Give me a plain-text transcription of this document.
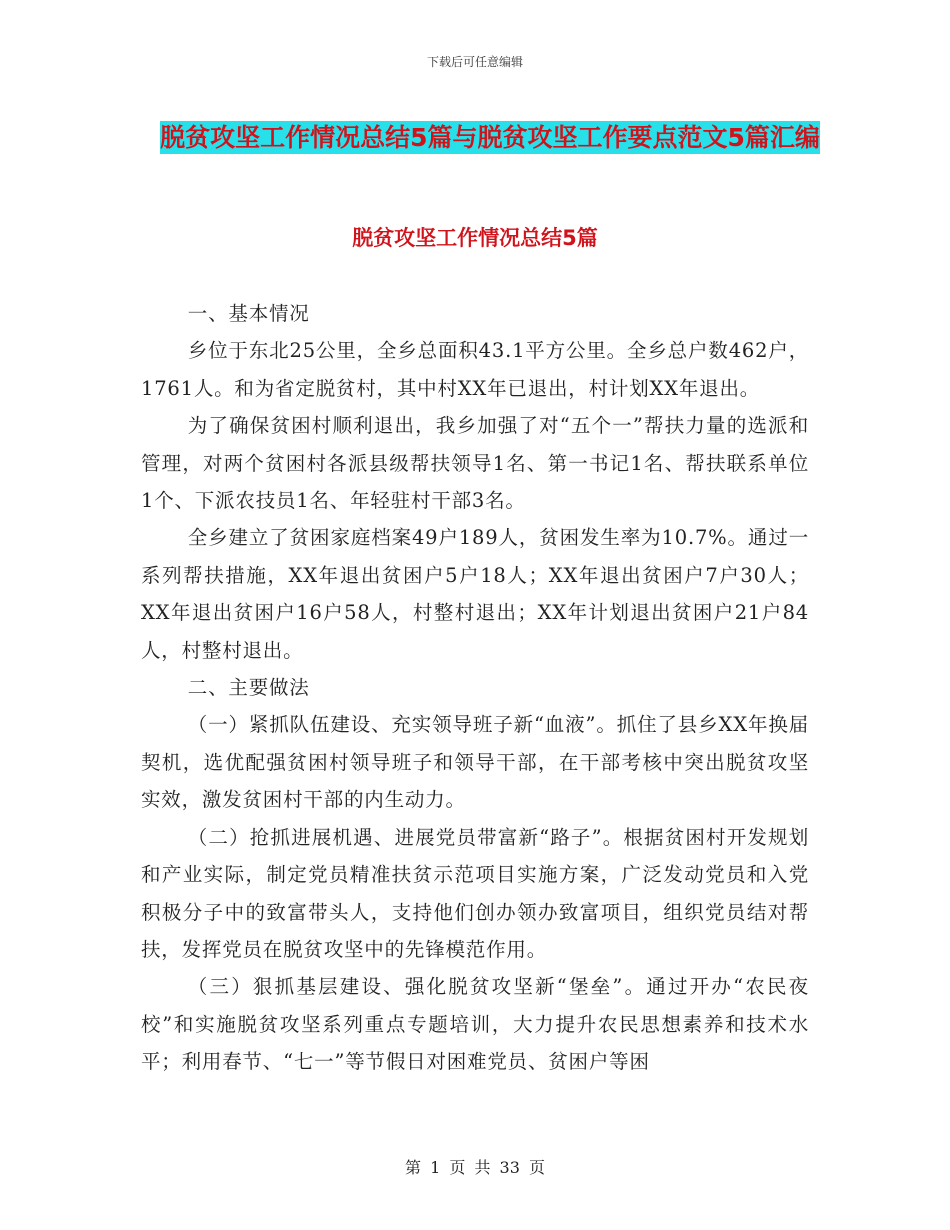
下载后可任意编辑
脱贫攻坚工作情况总结5篇与脱贫攻坚工作要点范文5篇汇编
脱贫攻坚工作情况总结5篇

一、基本情况

乡位于东北25公里，全乡总面积43.1平方公里。全乡总户数462户，1761人。和为省定脱贫村，其中村XX年已退出，村计划XX年退出。

为了确保贫困村顺利退出，我乡加强了对“五个一”帮扶力量的选派和管理，对两个贫困村各派县级帮扶领导1名、第一书记1名、帮扶联系单位1个、下派农技员1名、年轻驻村干部3名。

全乡建立了贫困家庭档案49户189人，贫困发生率为10.7%。通过一系列帮扶措施，XX年退出贫困户5户18人；XX年退出贫困户7户30人；XX年退出贫困户16户58人，村整村退出；XX年计划退出贫困户21户84人，村整村退出。

二、主要做法

（一）紧抓队伍建设、充实领导班子新“血液”。抓住了县乡XX年换届契机，选优配强贫困村领导班子和领导干部，在干部考核中突出脱贫攻坚实效，激发贫困村干部的内生动力。

（二）抢抓进展机遇、进展党员带富新“路子”。根据贫困村开发规划和产业实际，制定党员精准扶贫示范项目实施方案，广泛发动党员和入党积极分子中的致富带头人，支持他们创办领办致富项目，组织党员结对帮扶，发挥党员在脱贫攻坚中的先锋模范作用。

（三）狠抓基层建设、强化脱贫攻坚新“堡垒”。通过开办“农民夜校”和实施脱贫攻坚系列重点专题培训，大力提升农民思想素养和技术水平；利用春节、“七一”等节假日对困难党员、贫困户等困

第 1 页 共 33 页
